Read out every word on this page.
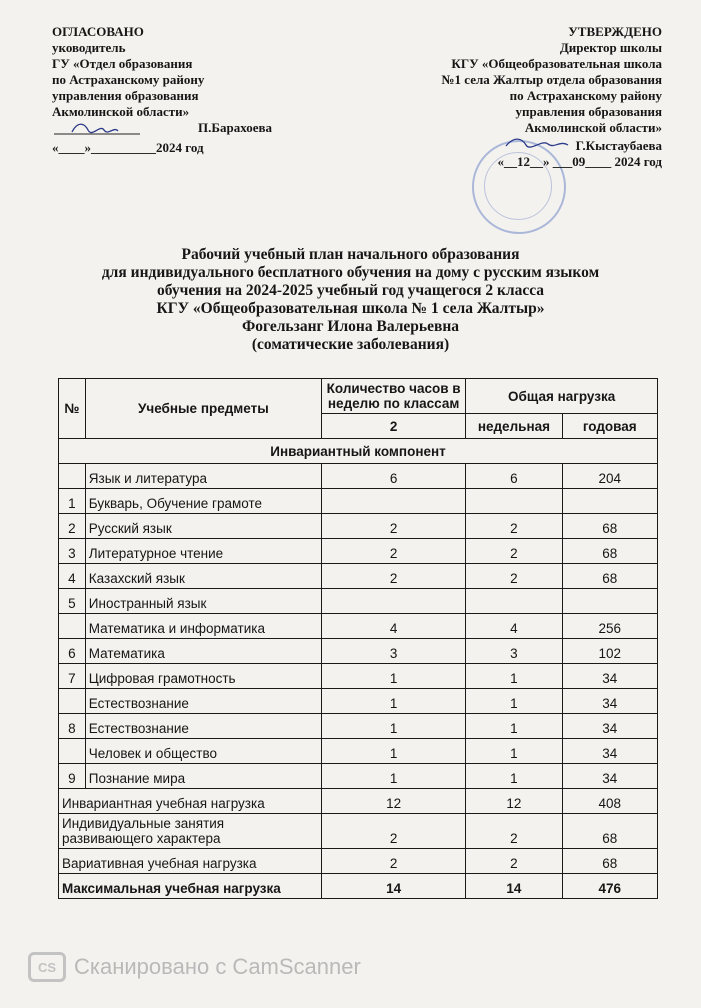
ОГЛАСОВАНО
уководитель
ГУ «Отдел образования
по Астраханскому району
управления образования
Акмолинской области»
П.Барахоева
«____»__________2024 год
УТВЕРЖДЕНО
Директор школы
КГУ «Общеобразовательная школа
№1 села Жалтыр отдела образования
по Астраханскому району
управления образования
Акмолинской области»
Г.Кыстаубаева
«__12__» ___09____ 2024 год
Рабочий учебный план начального образования
для индивидуального бесплатного обучения на дому с русским языком
обучения на 2024-2025 учебный год учащегося 2 класса
КГУ «Общеобразовательная школа № 1 села Жалтыр»
Фогельзанг Илона Валерьевна
(соматические заболевания)
№	Учебные предметы	Количество часов в неделю по классам	Общая нагрузка	
		2	недельная	годовая
Инвариантный компонент				
	Язык и литература	6	6	204
1	Букварь, Обучение грамоте			
2	Русский язык	2	2	68
3	Литературное чтение	2	2	68
4	Казахский язык	2	2	68
5	Иностранный язык			
	Математика и информатика	4	4	256
6	Математика	3	3	102
7	Цифровая грамотность	1	1	34
	Естествознание	1	1	34
8	Естествознание	1	1	34
	Человек и общество	1	1	34
9	Познание мира	1	1	34
Инвариантная учебная нагрузка		12	12	408
Индивидуальные занятия развивающего характера		2	2	68
Вариативная учебная нагрузка		2	2	68
Максимальная учебная нагрузка		14	14	476
CS Сканировано с CamScanner
